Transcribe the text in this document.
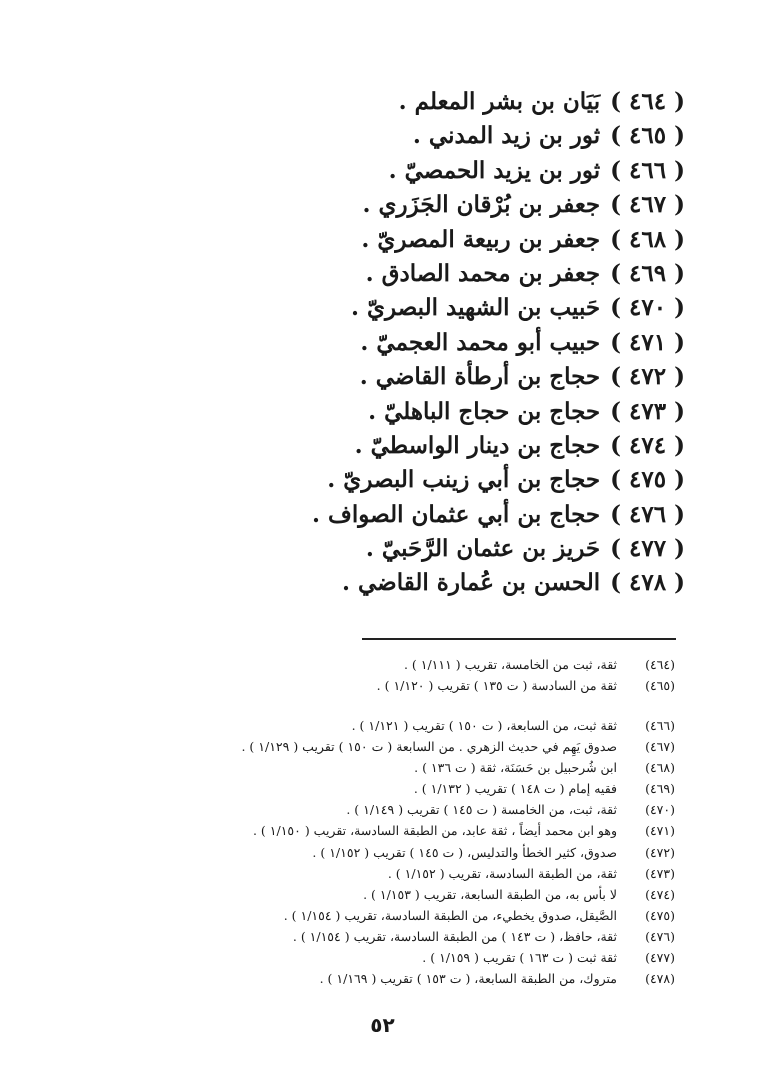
( ٤٦٤ )
بَيَان بن بشر المعلم .
( ٤٦٥ )
ثور بن زيد المدني .
( ٤٦٦ )
ثور بن يزيد الحمصيّ .
( ٤٦٧ )
جعفر بن بُرْقان الجَزَري .
( ٤٦٨ )
جعفر بن ربيعة المصريّ .
( ٤٦٩ )
جعفر بن محمد الصادق .
( ٤٧٠ )
حَبيب بن الشهيد البصريّ .
( ٤٧١ )
حبيب أبو محمد العجميّ .
( ٤٧٢ )
حجاج بن أرطأة القاضي .
( ٤٧٣ )
حجاج بن حجاج الباهليّ .
( ٤٧٤ )
حجاج بن دينار الواسطيّ .
( ٤٧٥ )
حجاج بن أبي زينب البصريّ .
( ٤٧٦ )
حجاج بن أبي عثمان الصواف .
( ٤٧٧ )
حَريز بن عثمان الرَّحَبيّ .
( ٤٧٨ )
الحسن بن عُمارة القاضي .
(٤٦٤)
ثقة، ثبت من الخامسة، تقريب ( ١/١١١ ) .
(٤٦٥)
ثقة من السادسة ( ت ١٣٥ ) تقريب ( ١/١٢٠ ) .
(٤٦٦)
ثقة ثبت، من السابعة، ( ت ١٥٠ ) تقريب ( ١/١٢١ ) .
(٤٦٧)
صدوق يَهِم في حديث الزهري . من السابعة ( ت ١٥٠ ) تقريب ( ١/١٢٩ ) .
(٤٦٨)
ابن شُرحبيل بن حَسَنَة، ثقة ( ت ١٣٦ ) .
(٤٦٩)
فقيه إمام ( ت ١٤٨ ) تقريب ( ١/١٣٢ ) .
(٤٧٠)
ثقة، ثبت، من الخامسة ( ت ١٤٥ ) تقريب ( ١/١٤٩ ) .
(٤٧١)
وهو ابن محمد أيضاً ، ثقة عابد، من الطبقة السادسة، تقريب ( ١/١٥٠ ) .
(٤٧٢)
صدوق، كثير الخطأ والتدليس، ( ت ١٤٥ ) تقريب ( ١/١٥٢ ) .
(٤٧٣)
ثقة، من الطبقة السادسة، تقريب ( ١/١٥٢ ) .
(٤٧٤)
لا بأس به، من الطبقة السابعة، تقريب ( ١/١٥٣ ) .
(٤٧٥)
الصَّيقل، صدوق يخطيء، من الطبقة السادسة، تقريب ( ١/١٥٤ ) .
(٤٧٦)
ثقة، حافظ، ( ت ١٤٣ ) من الطبقة السادسة، تقريب ( ١/١٥٤ ) .
(٤٧٧)
ثقة ثبت ( ت ١٦٣ ) تقريب ( ١/١٥٩ ) .
(٤٧٨)
متروك، من الطبقة السابعة، ( ت ١٥٣ ) تقريب ( ١/١٦٩ ) .
٥٢
